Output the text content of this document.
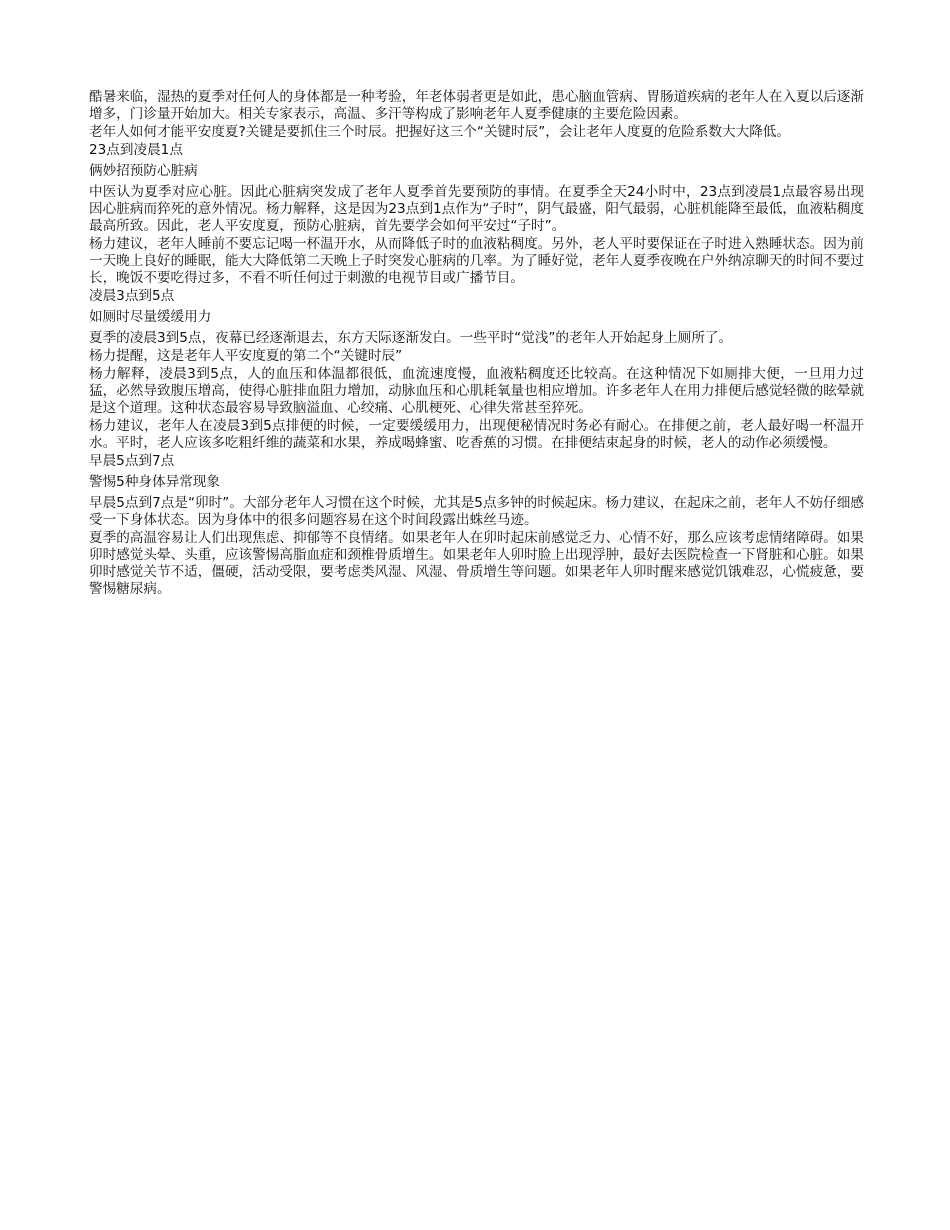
酷暑来临，湿热的夏季对任何人的身体都是一种考验，年老体弱者更是如此，患心脑血管病、胃肠道疾病的老年人在入夏以后逐渐增多，门诊量开始加大。相关专家表示，高温、多汗等构成了影响老年人夏季健康的主要危险因素。

老年人如何才能平安度夏?关键是要抓住三个时辰。把握好这三个“关键时辰”，会让老年人度夏的危险系数大大降低。

23点到凌晨1点

俩妙招预防心脏病

中医认为夏季对应心脏。因此心脏病突发成了老年人夏季首先要预防的事情。在夏季全天24小时中，23点到凌晨1点最容易出现因心脏病而猝死的意外情况。杨力解释，这是因为23点到1点作为“子时”，阴气最盛，阳气最弱，心脏机能降至最低，血液粘稠度最高所致。因此，老人平安度夏，预防心脏病，首先要学会如何平安过“子时”。

杨力建议，老年人睡前不要忘记喝一杯温开水，从而降低子时的血液粘稠度。另外，老人平时要保证在子时进入熟睡状态。因为前一天晚上良好的睡眠，能大大降低第二天晚上子时突发心脏病的几率。为了睡好觉，老年人夏季夜晚在户外纳凉聊天的时间不要过长，晚饭不要吃得过多，不看不听任何过于刺激的电视节目或广播节目。

凌晨3点到5点

如厕时尽量缓缓用力

夏季的凌晨3到5点，夜幕已经逐渐退去，东方天际逐渐发白。一些平时“觉浅”的老年人开始起身上厕所了。

杨力提醒，这是老年人平安度夏的第二个“关键时辰”

杨力解释，凌晨3到5点，人的血压和体温都很低，血流速度慢，血液粘稠度还比较高。在这种情况下如厕排大便，一旦用力过猛，必然导致腹压增高，使得心脏排血阻力增加，动脉血压和心肌耗氧量也相应增加。许多老年人在用力排便后感觉轻微的眩晕就是这个道理。这种状态最容易导致脑溢血、心绞痛、心肌梗死、心律失常甚至猝死。

杨力建议，老年人在凌晨3到5点排便的时候，一定要缓缓用力，出现便秘情况时务必有耐心。在排便之前，老人最好喝一杯温开水。平时，老人应该多吃粗纤维的蔬菜和水果，养成喝蜂蜜、吃香蕉的习惯。在排便结束起身的时候，老人的动作必须缓慢。

早晨5点到7点

警惕5种身体异常现象

早晨5点到7点是“卯时”。大部分老年人习惯在这个时候，尤其是5点多钟的时候起床。杨力建议，在起床之前，老年人不妨仔细感受一下身体状态。因为身体中的很多问题容易在这个时间段露出蛛丝马迹。

夏季的高温容易让人们出现焦虑、抑郁等不良情绪。如果老年人在卯时起床前感觉乏力、心情不好，那么应该考虑情绪障碍。如果卯时感觉头晕、头重，应该警惕高脂血症和颈椎骨质增生。如果老年人卯时脸上出现浮肿，最好去医院检查一下肾脏和心脏。如果卯时感觉关节不适，僵硬，活动受限，要考虑类风湿、风湿、骨质增生等问题。如果老年人卯时醒来感觉饥饿难忍，心慌疲惫，要警惕糖尿病。
